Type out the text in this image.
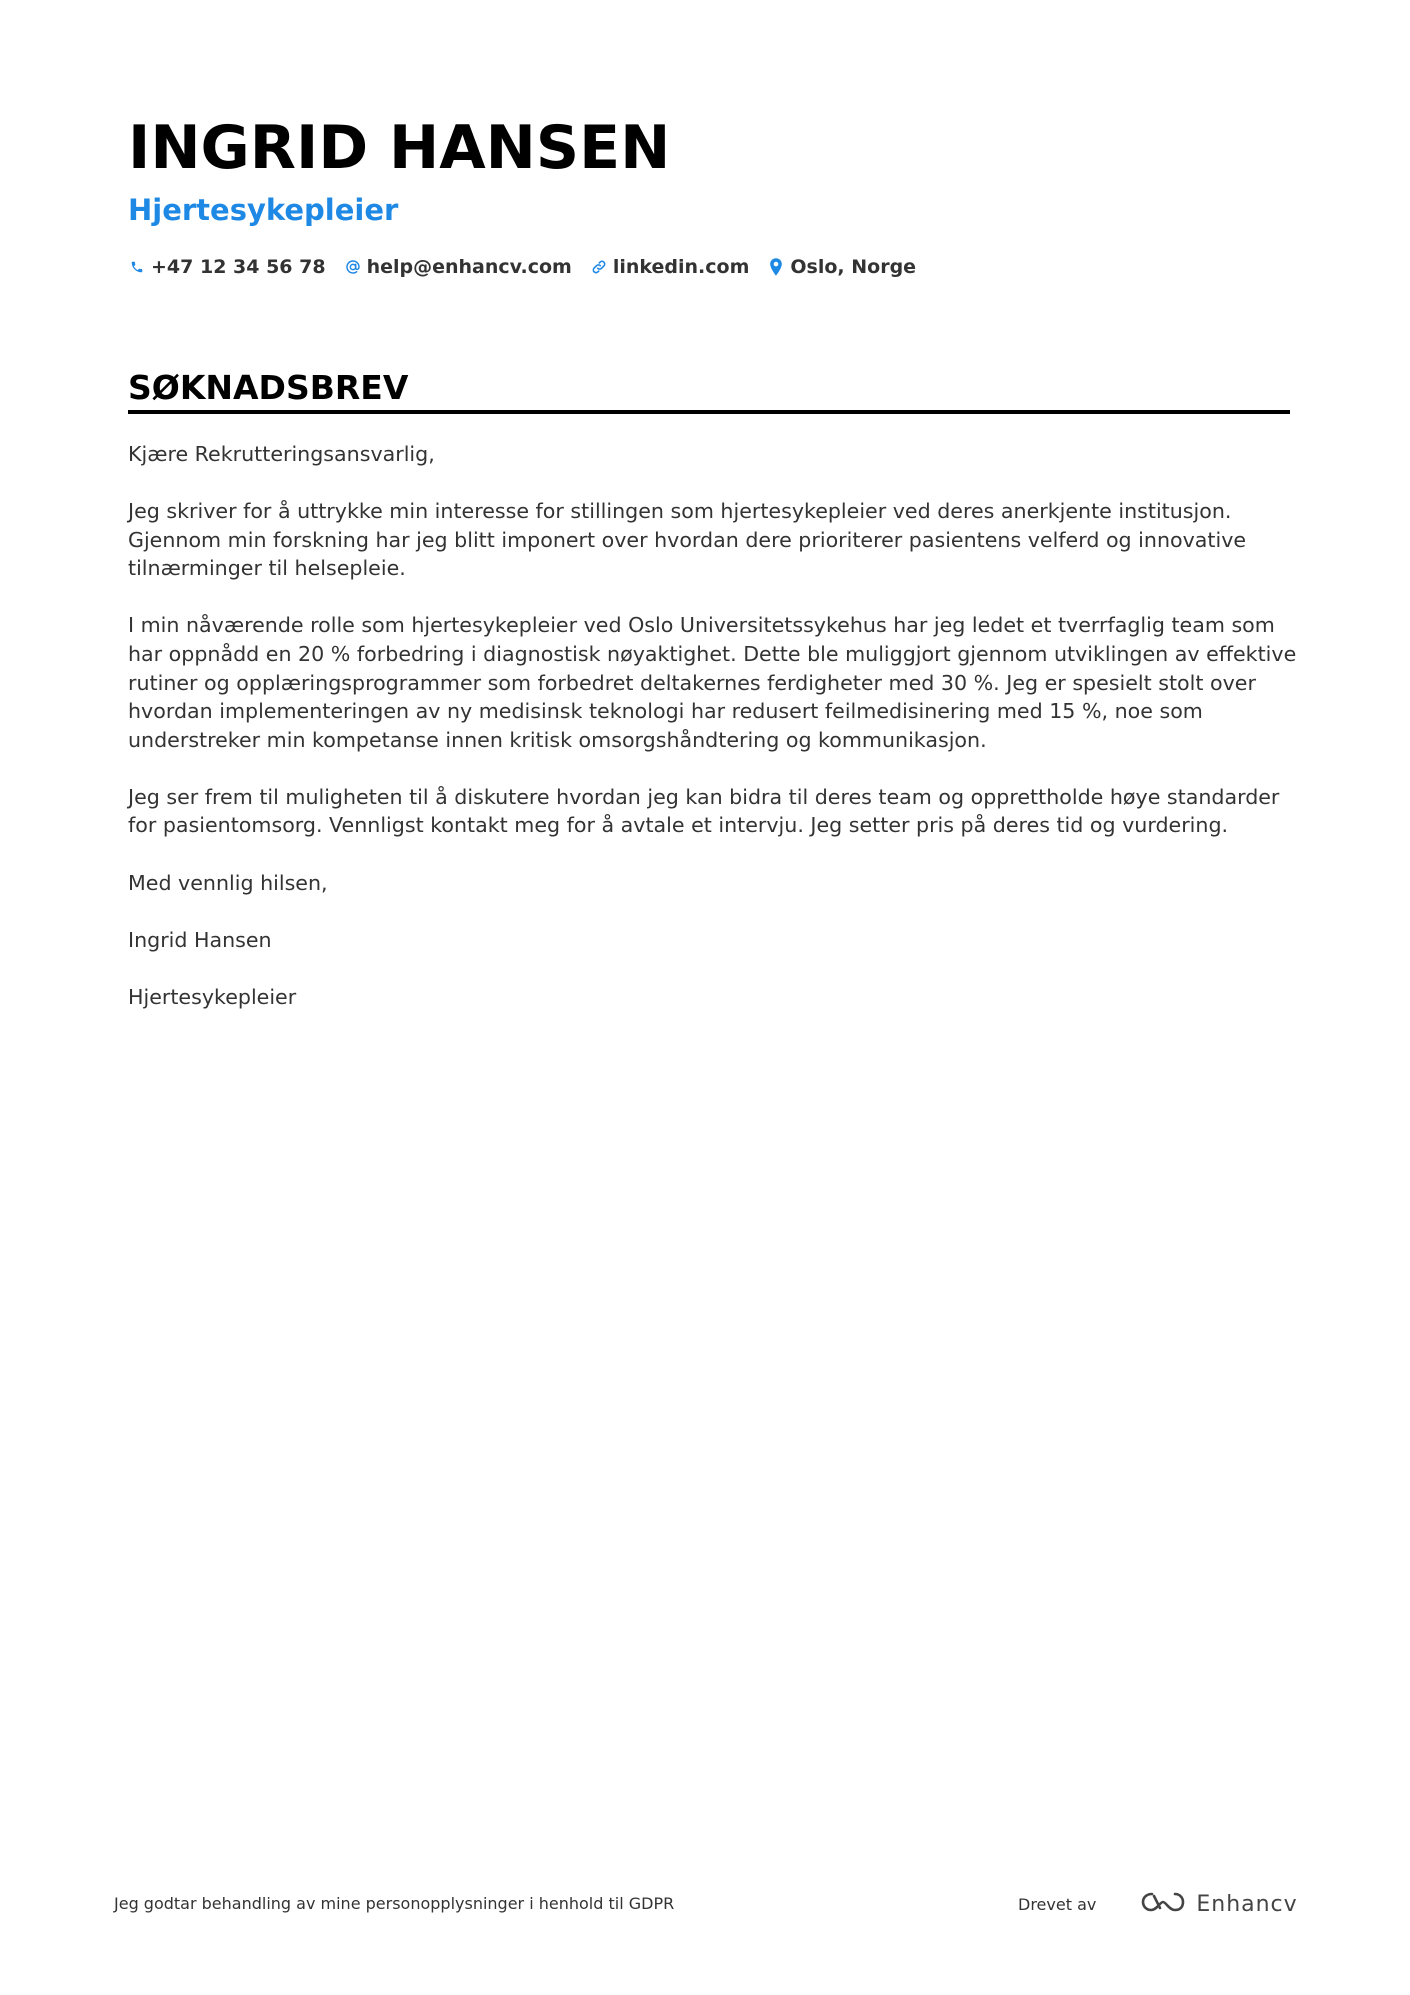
INGRID HANSEN
Hjertesykepleier
+47 12 34 56 78 help@enhancv.com linkedin.com Oslo, Norge
SØKNADSBREV

Kjære Rekrutteringsansvarlig,

Jeg skriver for å uttrykke min interesse for stillingen som hjertesykepleier ved deres anerkjente institusjon. Gjennom min forskning har jeg blitt imponert over hvordan dere prioriterer pasientens velferd og innovative tilnærminger til helsepleie.

I min nåværende rolle som hjertesykepleier ved Oslo Universitetssykehus har jeg ledet et tverrfaglig team som har oppnådd en 20 % forbedring i diagnostisk nøyaktighet. Dette ble muliggjort gjennom utviklingen av effektive rutiner og opplæringsprogrammer som forbedret deltakernes ferdigheter med 30 %. Jeg er spesielt stolt over hvordan implementeringen av ny medisinsk teknologi har redusert feilmedisinering med 15 %, noe som understreker min kompetanse innen kritisk omsorgshåndtering og kommunikasjon.

Jeg ser frem til muligheten til å diskutere hvordan jeg kan bidra til deres team og opprettholde høye standarder for pasientomsorg. Vennligst kontakt meg for å avtale et intervju. Jeg setter pris på deres tid og vurdering.

Med vennlig hilsen,

Ingrid Hansen

Hjertesykepleier

Jeg godtar behandling av mine personopplysninger i henhold til GDPR	Drevet av	Enhancv
